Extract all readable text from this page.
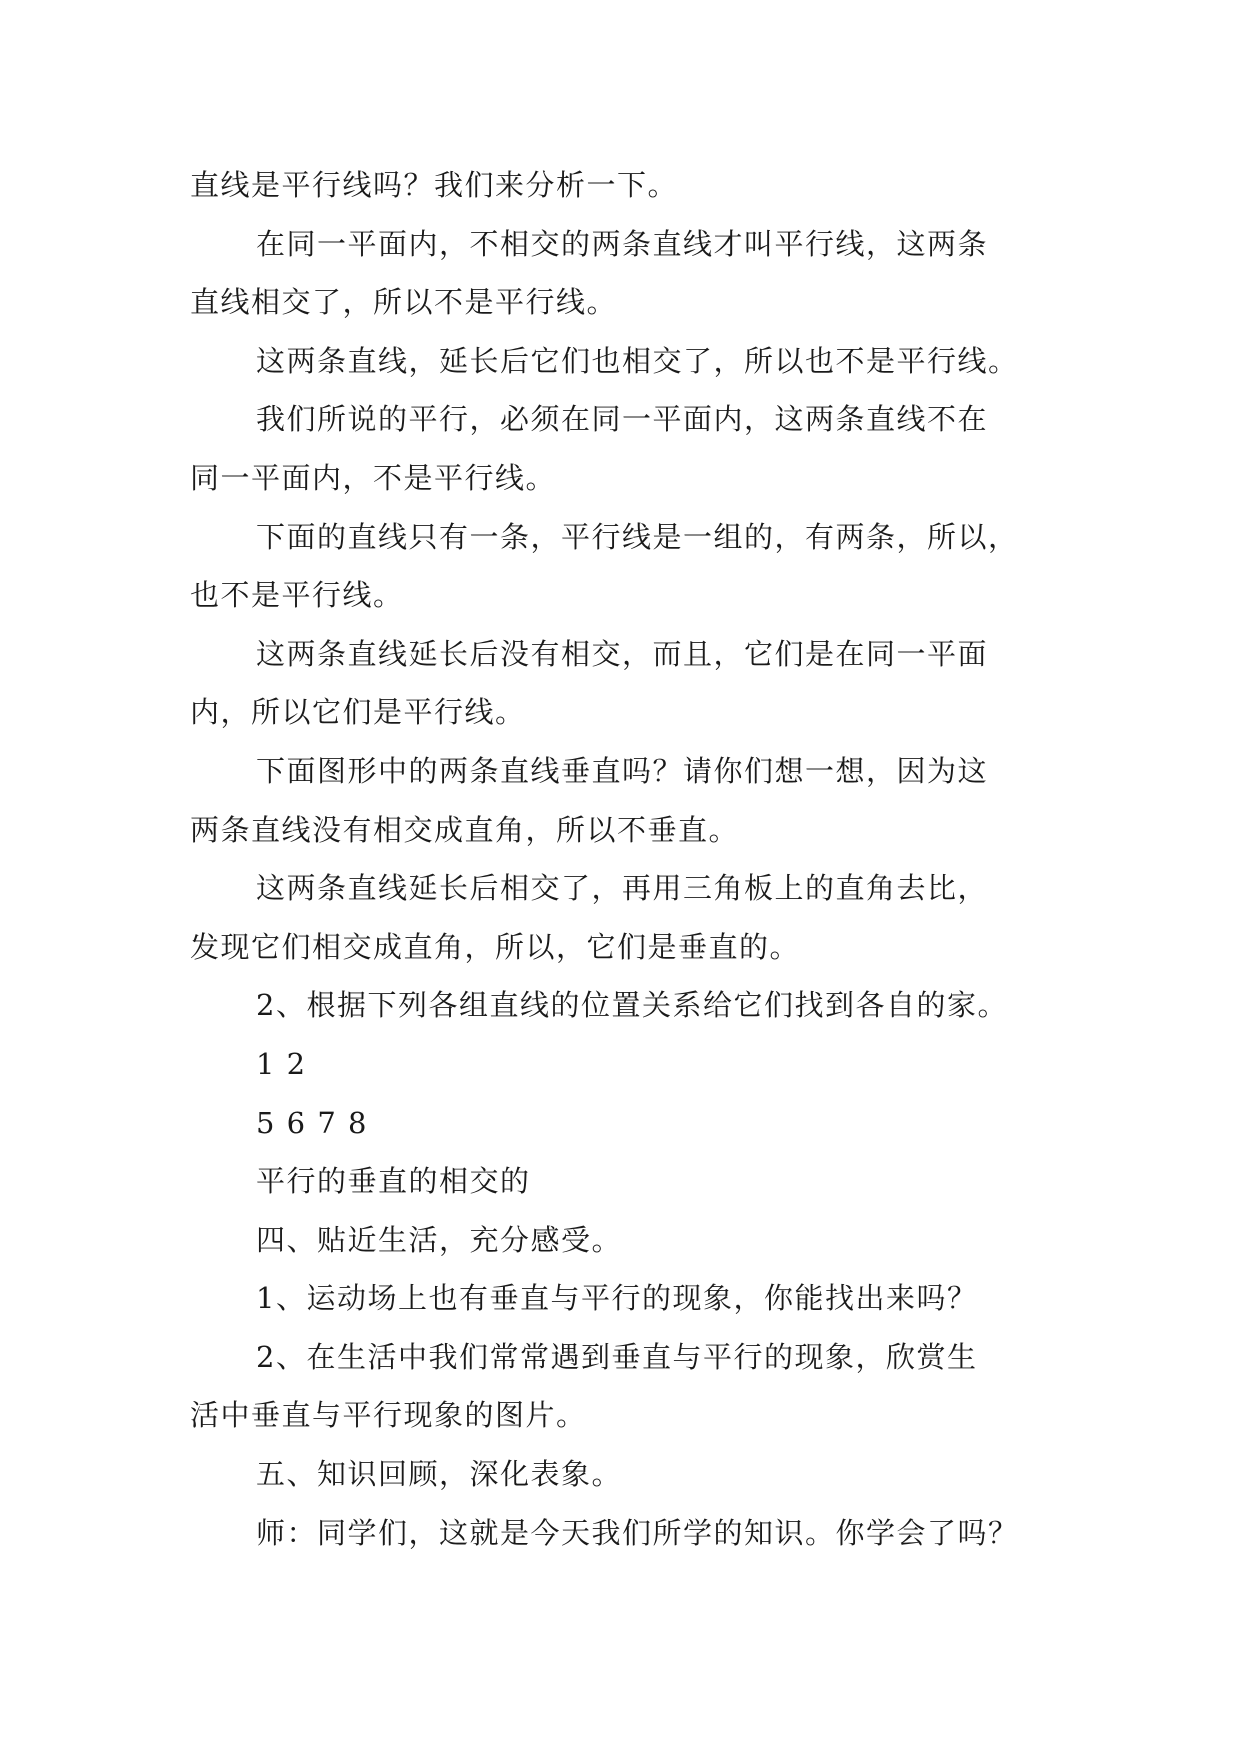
直线是平行线吗？我们来分析一下。
在同一平面内，不相交的两条直线才叫平行线，这两条
直线相交了，所以不是平行线。
这两条直线，延长后它们也相交了，所以也不是平行线。
我们所说的平行，必须在同一平面内，这两条直线不在
同一平面内，不是平行线。
下面的直线只有一条，平行线是一组的，有两条，所以，
也不是平行线。
这两条直线延长后没有相交，而且，它们是在同一平面
内，所以它们是平行线。
下面图形中的两条直线垂直吗？请你们想一想，因为这
两条直线没有相交成直角，所以不垂直。
这两条直线延长后相交了，再用三角板上的直角去比，
发现它们相交成直角，所以，它们是垂直的。
2、根据下列各组直线的位置关系给它们找到各自的家。
1 2
5 6 7 8
平行的垂直的相交的
四、贴近生活，充分感受。
1、运动场上也有垂直与平行的现象，你能找出来吗？
2、在生活中我们常常遇到垂直与平行的现象，欣赏生
活中垂直与平行现象的图片。
五、知识回顾，深化表象。
师：同学们，这就是今天我们所学的知识。你学会了吗？
